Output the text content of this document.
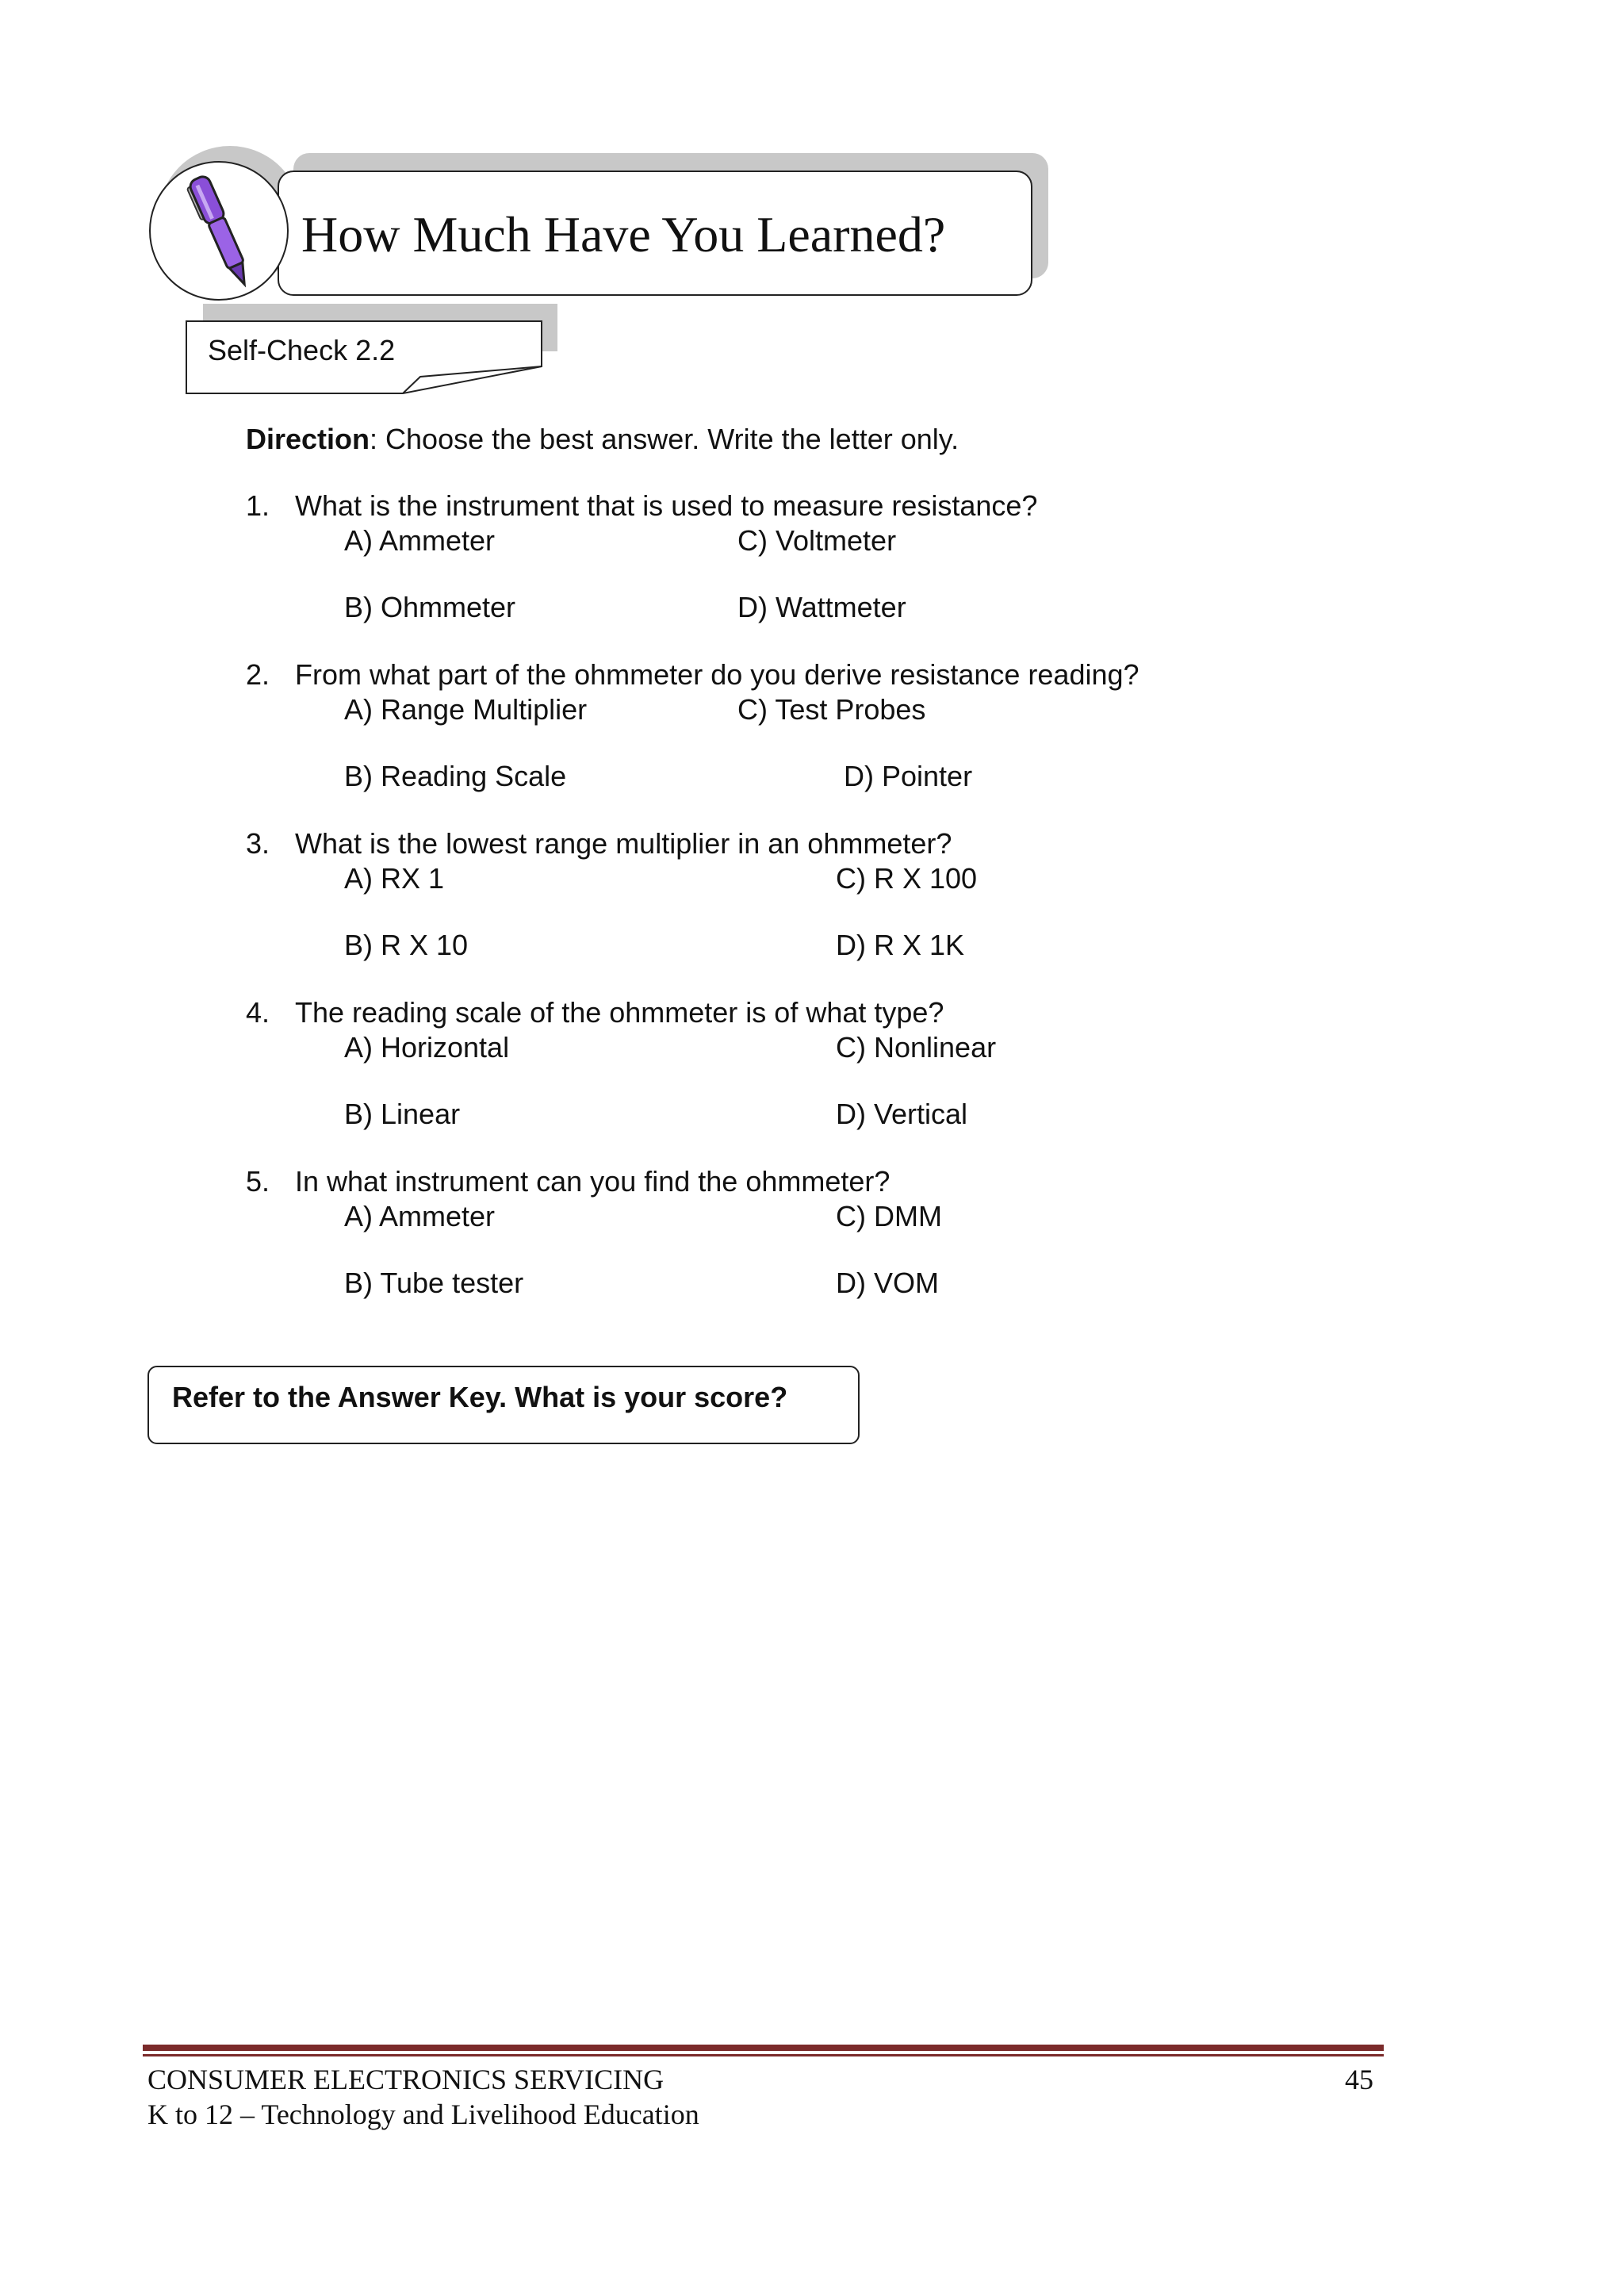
How Much Have You Learned?
Self-Check 2.2
Direction: Choose the best answer. Write the letter only.
1. What is the instrument that is used to measure resistance?
A) Ammeter	C) Voltmeter
B) Ohmmeter	D) Wattmeter
2. From what part of the ohmmeter do you derive resistance reading?
A) Range Multiplier	C) Test Probes
B) Reading Scale	D) Pointer
3. What is the lowest range multiplier in an ohmmeter?
A) RX 1	C) R X 100
B) R X 10	D) R X 1K
4. The reading scale of the ohmmeter is of what type?
A) Horizontal	C) Nonlinear
B) Linear	D) Vertical
5. In what instrument can you find the ohmmeter?
A) Ammeter	C) DMM
B) Tube tester	D) VOM
Refer to the Answer Key. What is your score?
CONSUMER ELECTRONICS SERVICING	45
K to 12 – Technology and Livelihood Education
